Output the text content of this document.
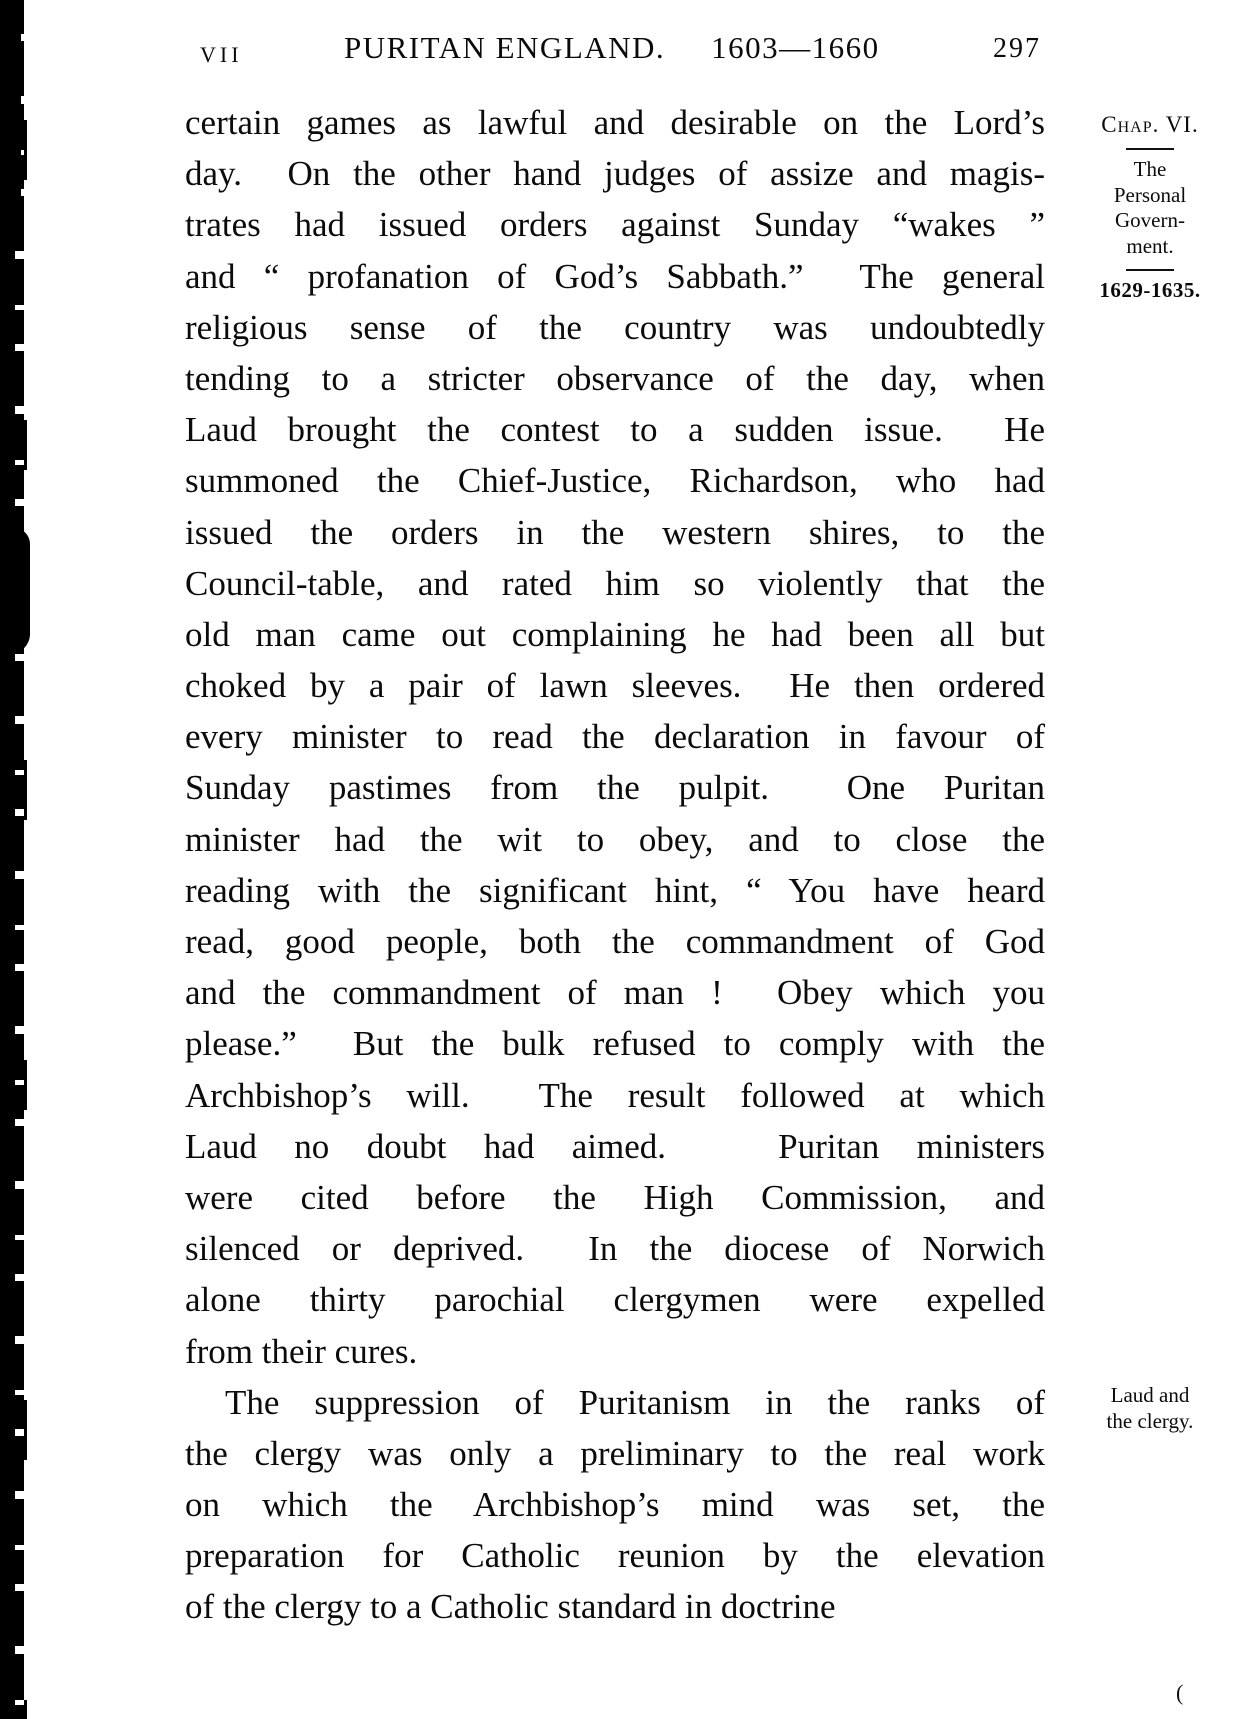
VII	PURITAN ENGLAND. 1603—1660	297
certain games as lawful and desirable on the Lord’s
day.  On the other hand judges of assize and magis-
trates had issued orders against Sunday “wakes ”
and “ profanation of God’s Sabbath.”  The general
religious sense of the country was undoubtedly
tending to a stricter observance of the day, when
Laud brought the contest to a sudden issue.  He
summoned the Chief-Justice, Richardson, who had
issued the orders in the western shires, to the
Council-table, and rated him so violently that the
old man came out complaining he had been all but
choked by a pair of lawn sleeves.  He then ordered
every minister to read the declaration in favour of
Sunday pastimes from the pulpit.  One Puritan
minister had the wit to obey, and to close the
reading with the significant hint, “ You have heard
read, good people, both the commandment of God
and the commandment of man !  Obey which you
please.”  But the bulk refused to comply with the
Archbishop’s will.  The result followed at which
Laud no doubt had aimed.   Puritan ministers
were cited before the High Commission, and
silenced or deprived.  In the diocese of Norwich
alone thirty parochial clergymen were expelled
from their cures.
The suppression of Puritanism in the ranks of
the clergy was only a preliminary to the real work
on which the Archbishop’s mind was set, the
preparation for Catholic reunion by the elevation
of the clergy to a Catholic standard in doctrine
Chap. VI.
The
Personal
Govern-
ment.
1629-1635.
Laud and
the clergy.
(
